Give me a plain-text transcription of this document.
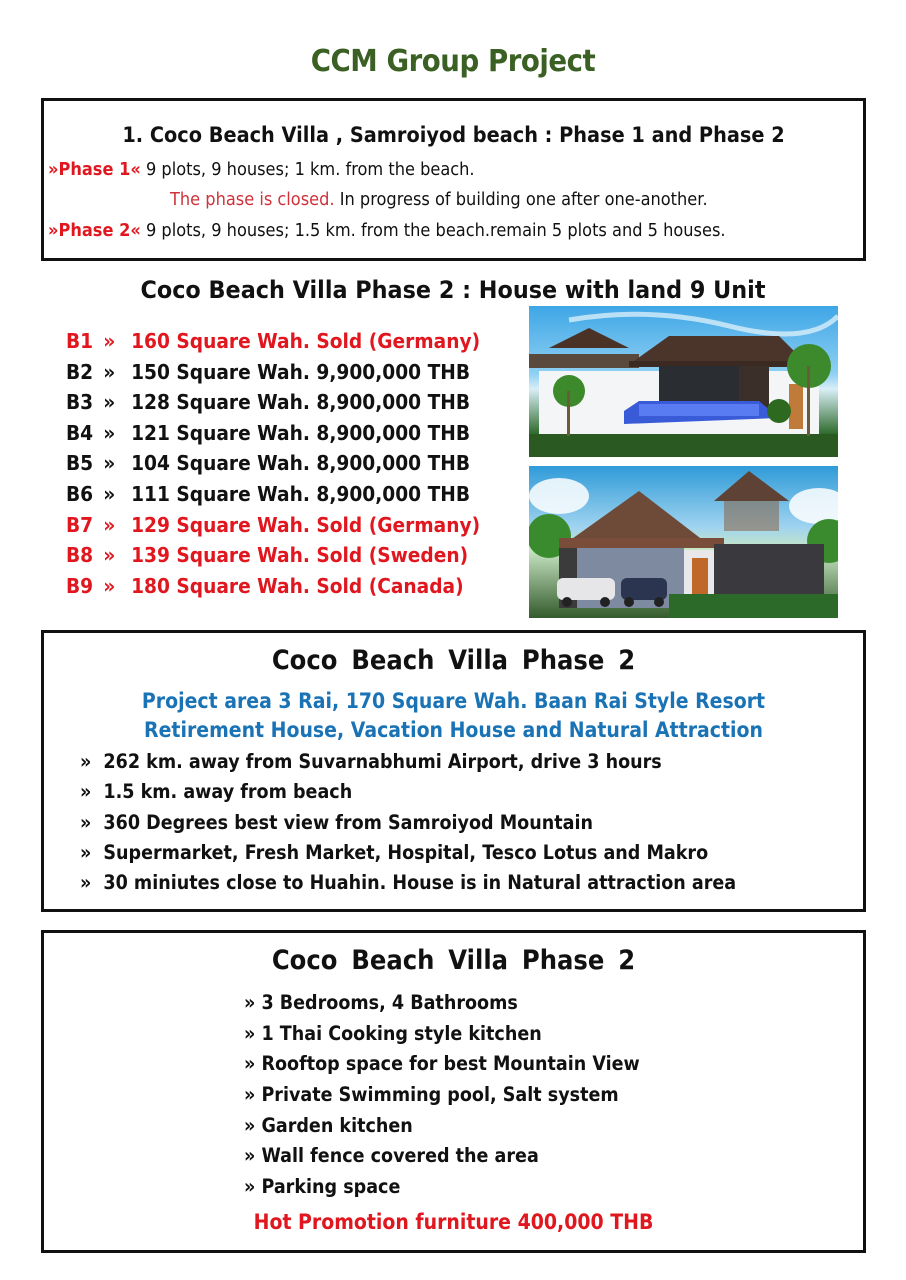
CCM Group Project
1. Coco Beach Villa , Samroiyod beach : Phase 1 and Phase 2
»Phase 1« 9 plots, 9 houses; 1 km. from the beach.
The phase is closed. In progress of building one after one-another.
»Phase 2« 9 plots, 9 houses; 1.5 km. from the beach.remain 5 plots and 5 houses.
Coco Beach Villa Phase 2 : House with land 9 Unit
B1 » 160 Square Wah. Sold (Germany)
B2 » 150 Square Wah. 9,900,000 THB
B3 » 128 Square Wah. 8,900,000 THB
B4 » 121 Square Wah. 8,900,000 THB
B5 » 104 Square Wah. 8,900,000 THB
B6 » 111 Square Wah. 8,900,000 THB
B7 » 129 Square Wah. Sold (Germany)
B8 » 139 Square Wah. Sold (Sweden)
B9 » 180 Square Wah. Sold (Canada)
Coco Beach Villa Phase 2
Project area 3 Rai, 170 Square Wah. Baan Rai Style Resort
Retirement House, Vacation House and Natural Attraction
» 262 km. away from Suvarnabhumi Airport, drive 3 hours
» 1.5 km. away from beach
» 360 Degrees best view from Samroiyod Mountain
» Supermarket, Fresh Market, Hospital, Tesco Lotus and Makro
» 30 miniutes close to Huahin. House is in Natural attraction area
Coco Beach Villa Phase 2
» 3 Bedrooms, 4 Bathrooms
» 1 Thai Cooking style kitchen
» Rooftop space for best Mountain View
» Private Swimming pool, Salt system
» Garden kitchen
» Wall fence covered the area
» Parking space
Hot Promotion furniture 400,000 THB
